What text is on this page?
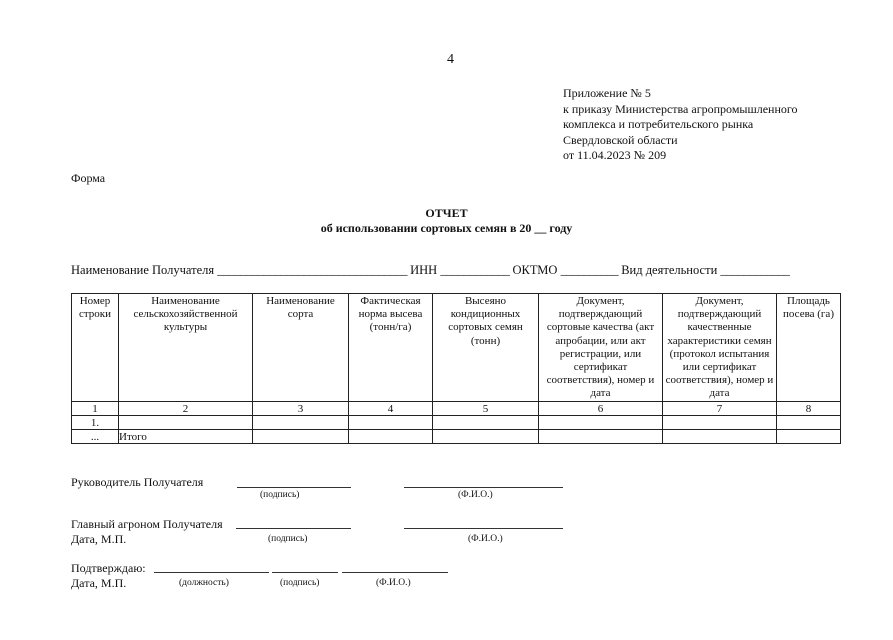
4
Приложение № 5
к приказу Министерства агропромышленного
комплекса и потребительского рынка
Свердловской области
от 11.04.2023 № 209
Форма
ОТЧЕТ
об использовании сортовых семян в 20 __ году
Наименование Получателя _________________________________ ИНН ____________ ОКТМО __________ Вид деятельности ____________
Номер строки	Наименование сельскохозяйственной культуры	Наименование сорта	Фактическая норма высева (тонн/га)	Высеяно кондиционных сортовых семян (тонн)	Документ, подтверждающий сортовые качества (акт апробации, или акт регистрации, или сертификат соответствия), номер и дата	Документ, подтверждающий качественные характеристики семян (протокол испытания или сертификат соответствия), номер и дата	Площадь посева (га)
1	2	3	4	5	6	7	8
1.							
...	Итого						
Руководитель Получателя
(подпись)	(Ф.И.О.)
Главный агроном Получателя
Дата, М.П.	(подпись)	(Ф.И.О.)
Подтверждаю:
Дата, М.П.	(должность)	(подпись)	(Ф.И.О.)
